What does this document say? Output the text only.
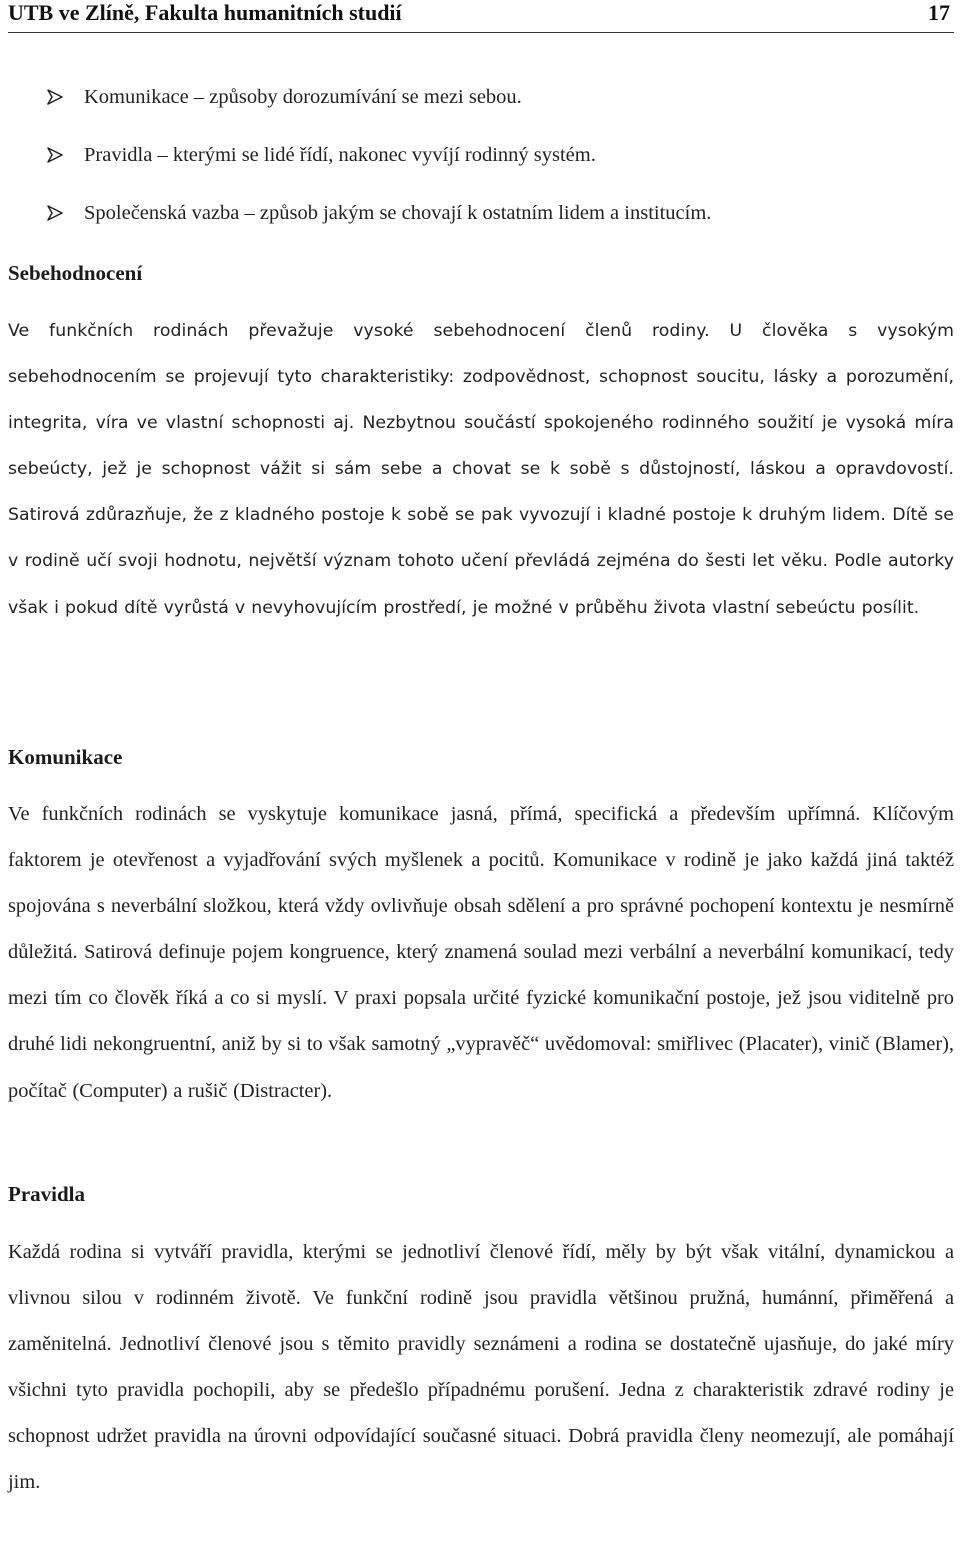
UTB ve Zlíně, Fakulta humanitních studií	17
Komunikace – způsoby dorozumívání se mezi sebou.
Pravidla – kterými se lidé řídí, nakonec vyvíjí rodinný systém.
Společenská vazba – způsob jakým se chovají k ostatním lidem a institucím.
Sebehodnocení

Ve funkčních rodinách převažuje vysoké sebehodnocení členů rodiny. U člověka s vysokým sebehodnocením se projevují tyto charakteristiky: zodpovědnost, schopnost soucitu, lásky a porozumění, integrita, víra ve vlastní schopnosti aj. Nezbytnou součástí spokojeného rodinného soužití je vysoká míra sebeúcty, jež je schopnost vážit si sám sebe a chovat se k sobě s důstojností, láskou a opravdovostí. Satirová zdůrazňuje, že z kladného postoje k sobě se pak vyvozují i kladné postoje k druhým lidem. Dítě se v rodině učí svoji hodnotu, největší význam tohoto učení převládá zejména do šesti let věku. Podle autorky však i pokud dítě vyrůstá v nevyhovujícím prostředí, je možné v průběhu života vlastní sebeúctu posílit.

Komunikace

Ve funkčních rodinách se vyskytuje komunikace jasná, přímá, specifická a především upřímná. Klíčovým faktorem je otevřenost a vyjadřování svých myšlenek a pocitů. Komunikace v rodině je jako každá jiná taktéž spojována s neverbální složkou, která vždy ovlivňuje obsah sdělení a pro správné pochopení kontextu je nesmírně důležitá. Satirová definuje pojem kongruence, který znamená soulad mezi verbální a neverbální komunikací, tedy mezi tím co člověk říká a co si myslí. V praxi popsala určité fyzické komunikační postoje, jež jsou viditelně pro druhé lidi nekongruentní, aniž by si to však samotný „vypravěč“ uvědomoval: smiřlivec (Placater), vinič (Blamer), počítač (Computer) a rušič (Distracter).

Pravidla

Každá rodina si vytváří pravidla, kterými se jednotliví členové řídí, měly by být však vitální, dynamickou a vlivnou silou v rodinném životě. Ve funkční rodině jsou pravidla většinou pružná, humánní, přiměřená a zaměnitelná. Jednotliví členové jsou s těmito pravidly seznámeni a rodina se dostatečně ujasňuje, do jaké míry všichni tyto pravidla pochopili, aby se předešlo případnému porušení. Jedna z charakteristik zdravé rodiny je schopnost udržet pravidla na úrovni odpovídající současné situaci. Dobrá pravidla členy neomezují, ale pomáhají jim.
